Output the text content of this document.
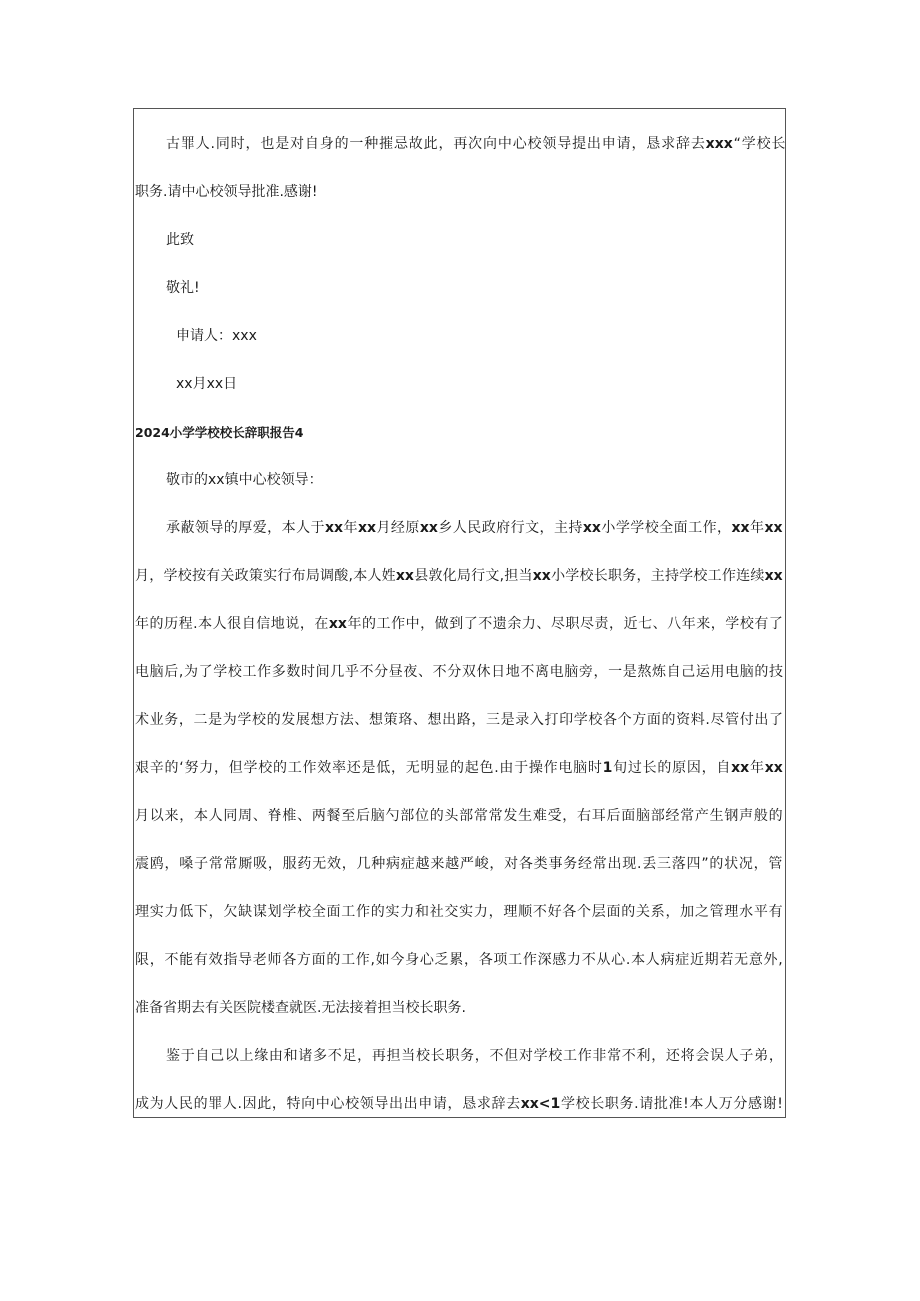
古 罪 人 . 同 时 ， 也 是 对 自 身 的 一 种 摧 忌 故 此 ， 再 次 向 中 心 校 领 导 提 出 申 请 ， 恳 求 辞 去 xxx “ 学 校 长
职务.请中心校领导批准.感谢!
此致
敬礼!
申请人：xxx
xx月xx日
2024小学学校校长辞职报告4
敬市的xx镇中心校领导：
承 蔽 领 导 的 厚 爱 ， 本 人 于 xx 年 xx 月 经 原 xx 乡 人 民 政 府 行 文 ， 主 持 xx 小 学 学 校 全 面 工 作 ， xx 年 xx
月 ， 学 校 按 有 关 政 策 实 行 布 局 调 酸 , 本 人 姓 xx 县 敦 化 局 行 文 , 担 当 xx 小 学 校 长 职 务 ， 主 持 学 校 工 作 连 续 xx
年 的 历 程 . 本 人 很 自 信 地 说 ， 在 xx 年 的 工 作 中 ， 做 到 了 不 遗 余 力 、 尽 职 尽 责 ， 近 七 、 八 年 来 ， 学 校 有 了
电 脑 后 , 为 了 学 校 工 作 多 数 时 间 几 乎 不 分 昼 夜 、 不 分 双 休 日 地 不 离 电 脑 旁 ， 一 是 熬 炼 自 己 运 用 电 脑 的 技
术 业 务 ， 二 是 为 学 校 的 发 展 想 方 法 、 想 策 珞 、 想 出 路 ， 三 是 录 入 打 印 学 校 各 个 方 面 的 资 料 . 尽 管 付 出 了
艰 辛 的 ‘ 努 力 ， 但 学 校 的 工 作 效 率 还 是 低 ， 无 明 显 的 起 色 . 由 于 操 作 电 脑 时 1 旬 过 长 的 原 因 ， 自 xx 年 xx
月 以 来 ， 本 人 同 周 、 脊 椎 、 两 餐 至 后 脑 勺 部 位 的 头 部 常 常 发 生 难 受 ， 右 耳 后 面 脑 部 经 常 产 生 钢 声 般 的
震 鸥 ， 嗓 子 常 常 厮 吸 ， 服 药 无 效 ， 几 种 病 症 越 来 越 严 峻 ， 对 各 类 事 务 经 常 出 现 . 丢 三 落 四 ” 的 状 况 ， 管
理 实 力 低 下 ， 欠 缺 谋 划 学 校 全 面 工 作 的 实 力 和 社 交 实 力 ， 理 顺 不 好 各 个 层 面 的 关 系 ， 加 之 管 理 水 平 有
限 ， 不 能 有 效 指 导 老 师 各 方 面 的 工 作 , 如 今 身 心 乏 累 ， 各 项 工 作 深 感 力 不 从 心 . 本 人 病 症 近 期 若 无 意 外 ,
准备省期去有关医院楼查就医.无法接着担当校长职务.
鉴 于 自 己 以 上 缘 由 和 诸 多 不 足 ， 再 担 当 校 长 职 务 ， 不 但 对 学 校 工 作 非 常 不 利 ， 还 将 会 误 人 子 弟 ，
成 为 人 民 的 罪 人 . 因 此 ， 特 向 中 心 校 领 导 出 出 申 请 ， 恳 求 辞 去 xx<1 学 校 长 职 务 . 请 批 准 ! 本 人 万 分 感 谢 !
